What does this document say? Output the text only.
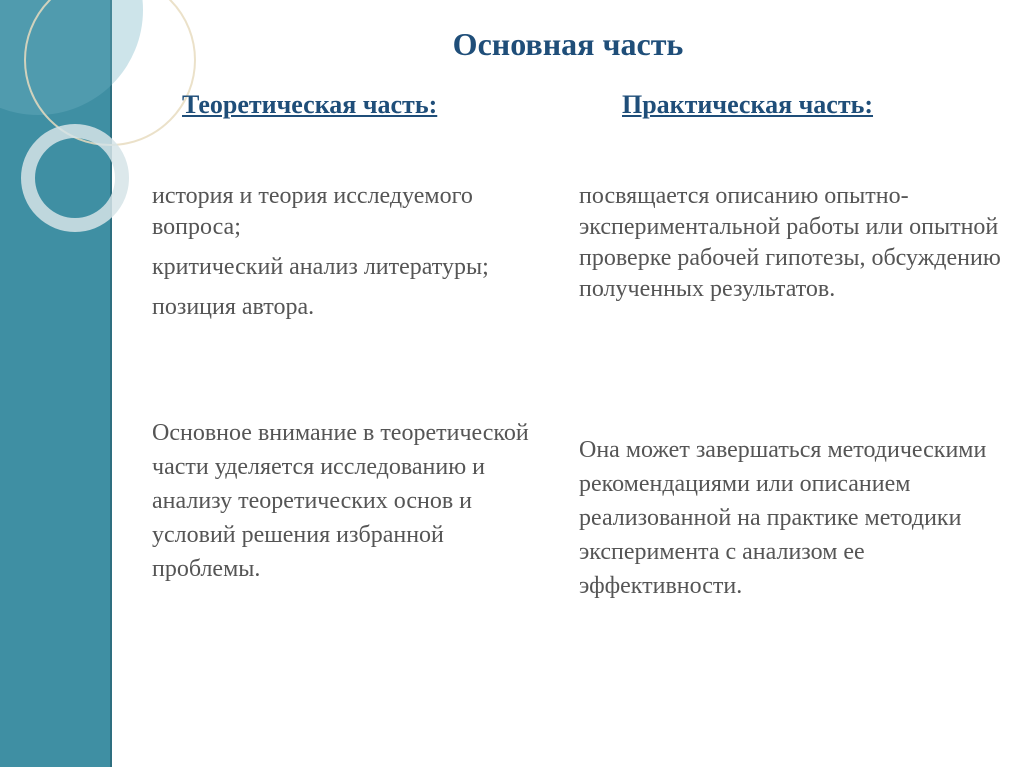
Основная часть
Теоретическая часть:	Практическая часть:

история и теория исследуемого вопроса;

критический анализ литературы;

позиция автора.

Основное внимание в теоретической части уделяется исследованию и анализу теоретических основ и условий решения избранной проблемы.
посвящается описанию опытно-экспериментальной работы или опытной проверке рабочей гипотезы, обсуждению полученных результатов.
Она может завершаться методическими рекомендациями или описанием реализованной на практике методики эксперимента с анализом ее эффективности.
